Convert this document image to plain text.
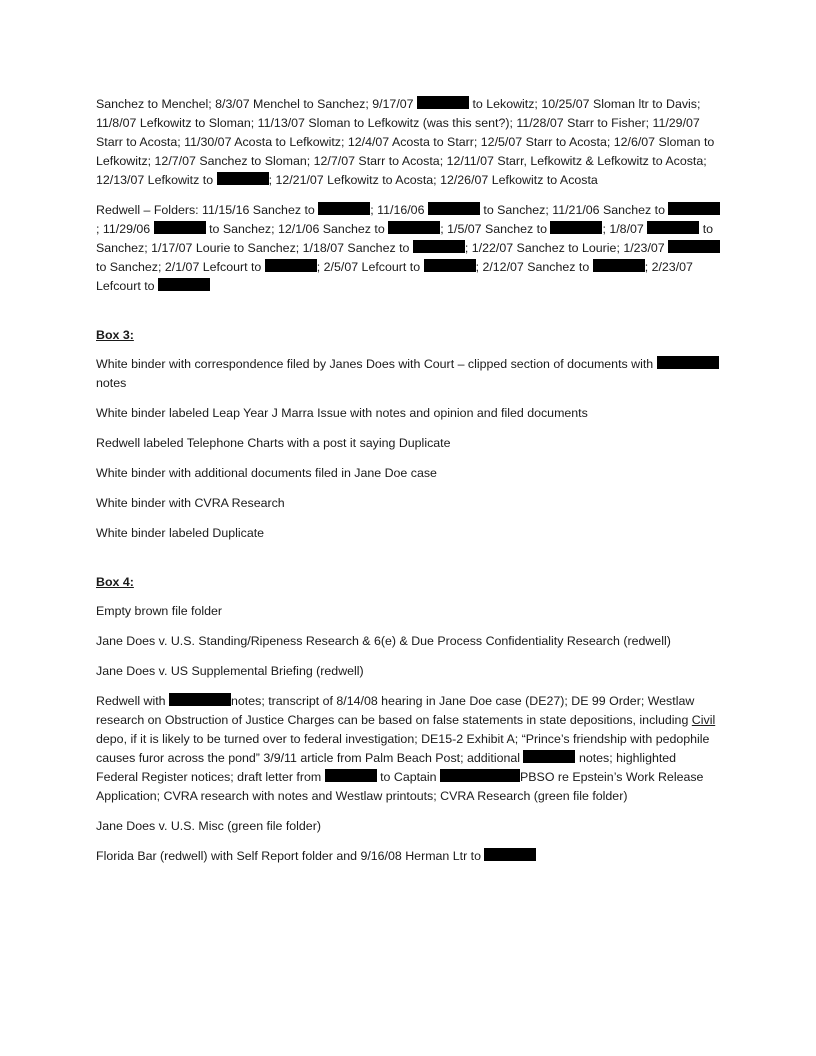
Sanchez to Menchel; 8/3/07 Menchel to Sanchez; 9/17/07	to Lekowitz; 10/25/07 Sloman ltr to Davis; 11/8/07 Lefkowitz to Sloman; 11/13/07 Sloman to Lefkowitz (was this sent?); 11/28/07 Starr to Fisher; 11/29/07 Starr to Acosta; 11/30/07 Acosta to Lefkowitz; 12/4/07 Acosta to Starr; 12/5/07 Starr to Acosta; 12/6/07 Sloman to Lefkowitz; 12/7/07 Sanchez to Sloman; 12/7/07 Starr to Acosta; 12/11/07 Starr, Lefkowitz & Lefkowitz to Acosta; 12/13/07 Lefkowitz to	; 12/21/07 Lefkowitz to Acosta; 12/26/07 Lefkowitz to Acosta

Redwell – Folders: 11/15/16 Sanchez to	; 11/16/06	to Sanchez; 11/21/06 Sanchez to ; 11/29/06	to Sanchez; 12/1/06 Sanchez to	; 1/5/07 Sanchez to	; 1/8/07	to Sanchez; 1/17/07 Lourie to Sanchez; 1/18/07 Sanchez to	; 1/22/07 Sanchez to Lourie; 1/23/07  to Sanchez; 2/1/07 Lefcourt to	; 2/5/07 Lefcourt to	; 2/12/07 Sanchez to	; 2/23/07 Lefcourt to

Box 3:

White binder with correspondence filed by Janes Does with Court – clipped section of documents with notes

White binder labeled Leap Year J Marra Issue with notes and opinion and filed documents

Redwell labeled Telephone Charts with a post it saying Duplicate

White binder with additional documents filed in Jane Doe case

White binder with CVRA Research

White binder labeled Duplicate

Box 4:

Empty brown file folder

Jane Does v. U.S. Standing/Ripeness Research & 6(e) & Due Process Confidentiality Research (redwell)

Jane Does v. US Supplemental Briefing (redwell)

Redwell with	notes; transcript of 8/14/08 hearing in Jane Doe case (DE27); DE 99 Order; Westlaw research on Obstruction of Justice Charges can be based on false statements in state depositions, including Civil depo, if it is likely to be turned over to federal investigation; DE15-2 Exhibit A; “Prince’s friendship with pedophile causes furor across the pond” 3/9/11 article from Palm Beach Post; additional	notes; highlighted Federal Register notices; draft letter from	to Captain	PBSO re Epstein’s Work Release Application; CVRA research with notes and Westlaw printouts; CVRA Research (green file folder)

Jane Does v. U.S. Misc (green file folder)

Florida Bar (redwell) with Self Report folder and 9/16/08 Herman Ltr to
